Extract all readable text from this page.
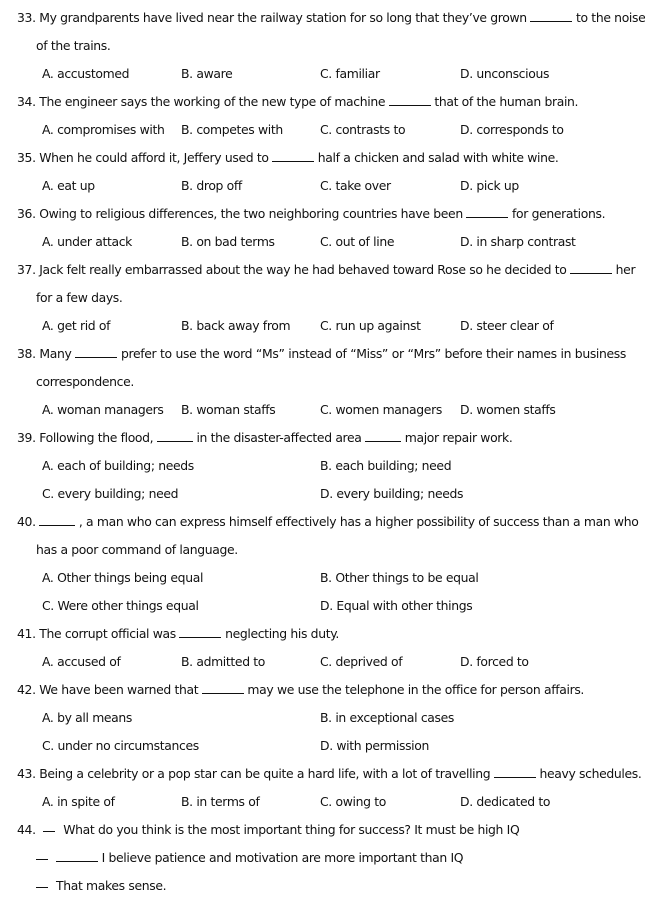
33. My grandparents have lived near the railway station for so long that they’ve grown	to the noise
of the trains.
A. accustomed	B. aware	C. familiar	D. unconscious
34. The engineer says the working of the new type of machine	that of the human brain.
A. compromises with B. competes with	C. contrasts to	D. corresponds to
35. When he could afford it, Jeffery used to	half a chicken and salad with white wine.
A. eat up	B. drop off	C. take over	D. pick up
36. Owing to religious differences, the two neighboring countries have been	for generations.
A. under attack	B. on bad terms	C. out of line	D. in sharp contrast
37. Jack felt really embarrassed about the way he had behaved toward Rose so he decided to	her
for a few days.
A. get rid of	B. back away from C. run up against	D. steer clear of
38. Many	prefer to use the word “Ms” instead of “Miss” or “Mrs” before their names in business
correspondence.
A. woman managers B. woman staffs	C. women managers D. women staffs
39. Following the flood,	in the disaster-affected area	major repair work.
A. each of building; needs	B. each building; need
C. every building; need	D. every building; needs
40.	, a man who can express himself effectively has a higher possibility of success than a man who
has a poor command of language.
A. Other things being equal	B. Other things to be equal
C. Were other things equal	D. Equal with other things
41. The corrupt official was	neglecting his duty.
A. accused of	B. admitted to	C. deprived of	D. forced to
42. We have been warned that	may we use the telephone in the office for person affairs.
A. by all means	B. in exceptional cases
C. under no circumstances	D. with permission
43. Being a celebrity or a pop star can be quite a hard life, with a lot of travelling	heavy schedules.
A. in spite of	B. in terms of	C. owing to	D. dedicated to
44. What do you think is the most important thing for success? It must be high IQ
I believe patience and motivation are more important than IQ
That makes sense.
